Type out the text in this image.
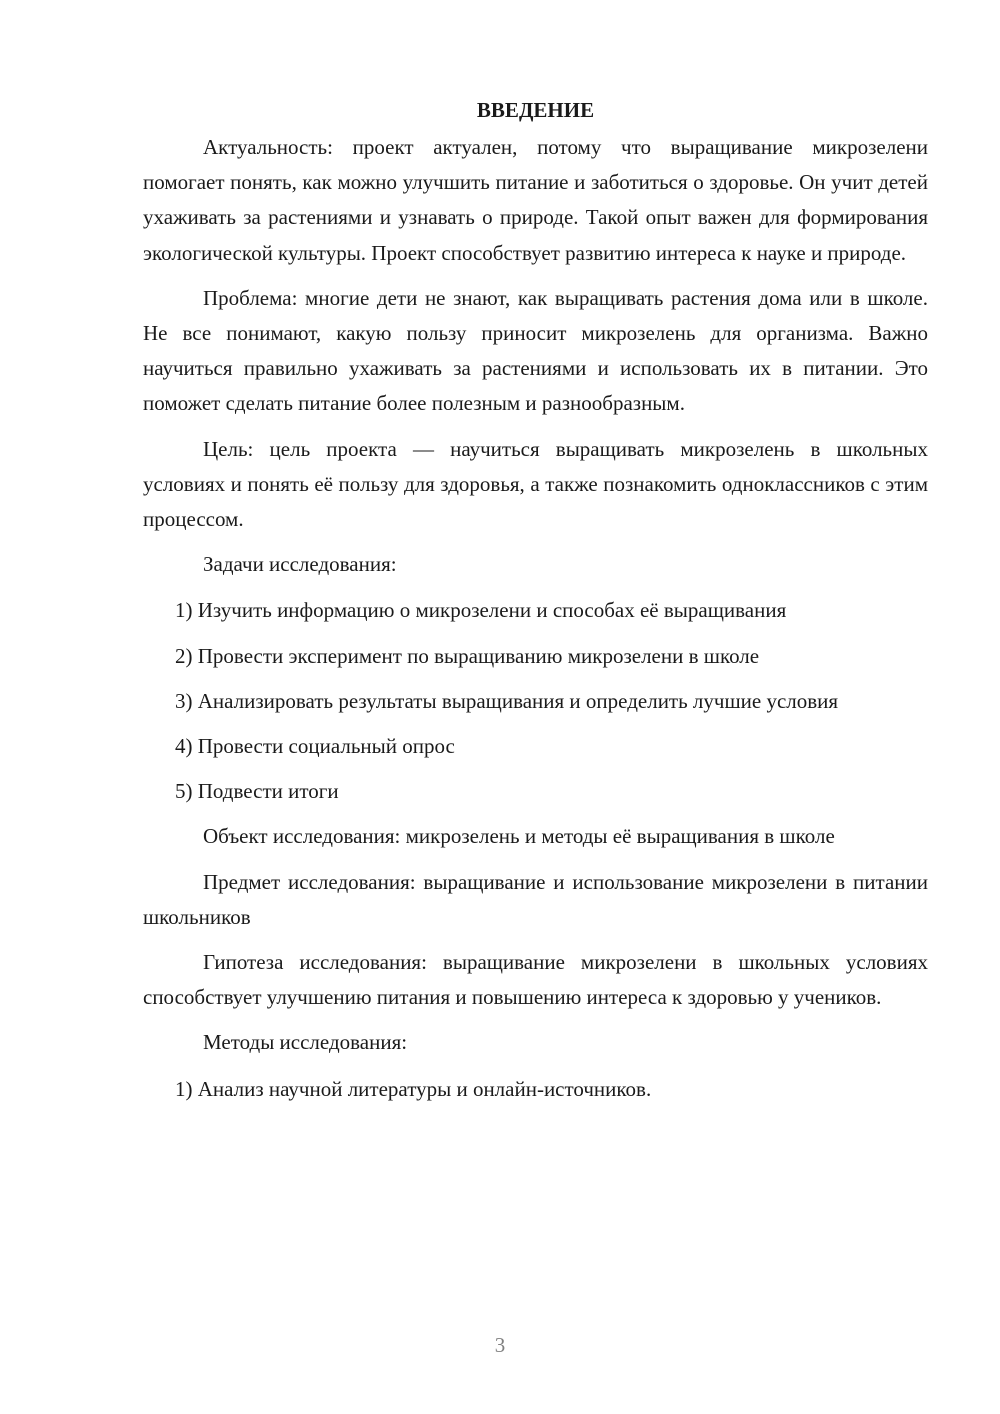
ВВЕДЕНИЕ

Актуальность: проект актуален, потому что выращивание микрозелени помогает понять, как можно улучшить питание и заботиться о здоровье. Он учит детей ухаживать за растениями и узнавать о природе. Такой опыт важен для формирования экологической культуры. Проект способствует развитию интереса к науке и природе.

Проблема: многие дети не знают, как выращивать растения дома или в школе. Не все понимают, какую пользу приносит микрозелень для организма. Важно научиться правильно ухаживать за растениями и использовать их в питании. Это поможет сделать питание более полезным и разнообразным.

Цель: цель проекта — научиться выращивать микрозелень в школьных условиях и понять её пользу для здоровья, а также познакомить одноклассников с этим процессом.

Задачи исследования:

1) Изучить информацию о микрозелени и способах её выращивания

2) Провести эксперимент по выращиванию микрозелени в школе

3) Анализировать результаты выращивания и определить лучшие условия

4) Провести социальный опрос

5) Подвести итоги

Объект исследования: микрозелень и методы её выращивания в школе

Предмет исследования: выращивание и использование микрозелени в питании школьников

Гипотеза исследования: выращивание микрозелени в школьных условиях способствует улучшению питания и повышению интереса к здоровью у учеников.

Методы исследования:

1) Анализ научной литературы и онлайн-источников.

3
